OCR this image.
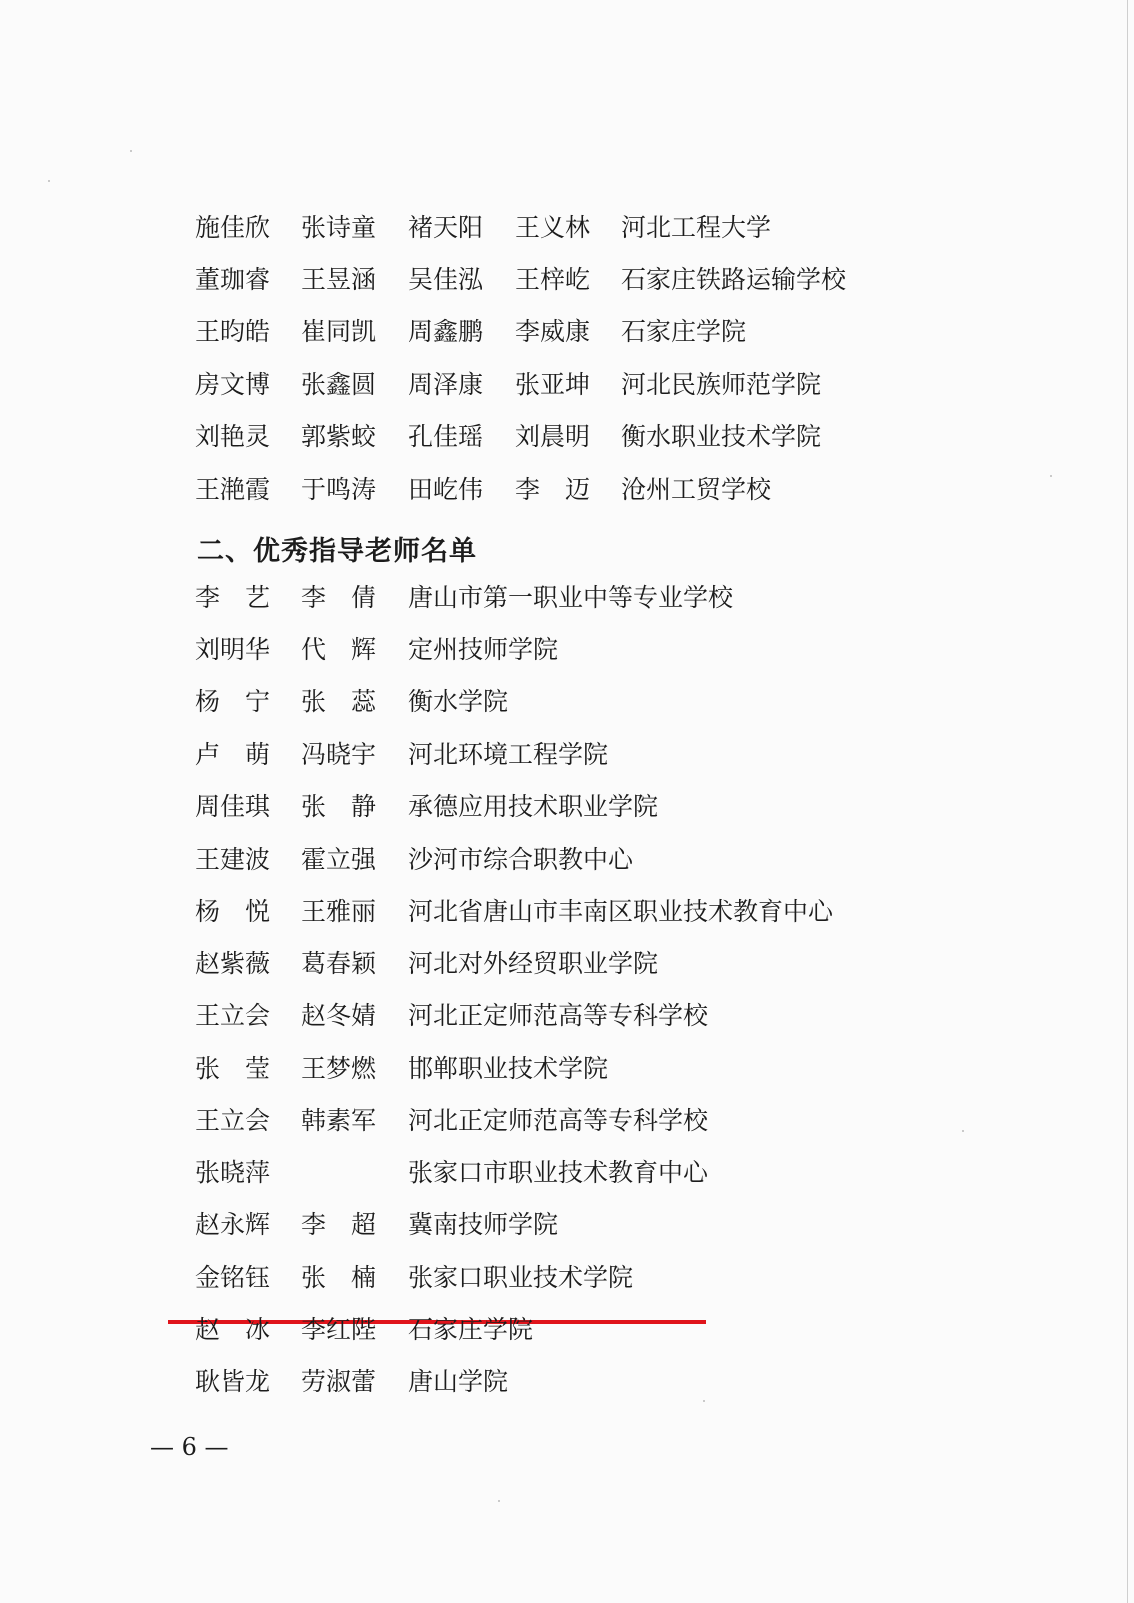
施佳欣 张诗童 褚天阳 王义林 河北工程大学
董珈睿 王昱涵 吴佳泓 王梓屹 石家庄铁路运输学校
王昀皓 崔同凯 周鑫鹏 李威康 石家庄学院
房文博 张鑫圆 周泽康 张亚坤 河北民族师范学院
刘艳灵 郭紫蛟 孔佳瑶 刘晨明 衡水职业技术学院
王滟霞 于鸣涛 田屹伟 李　迈 沧州工贸学校
二、优秀指导老师名单
李　艺 李　倩 唐山市第一职业中等专业学校
刘明华 代　辉 定州技师学院
杨　宁 张　蕊 衡水学院
卢　萌 冯晓宇 河北环境工程学院
周佳琪 张　静 承德应用技术职业学院
王建波 霍立强 沙河市综合职教中心
杨　悦 王雅丽 河北省唐山市丰南区职业技术教育中心
赵紫薇 葛春颖 河北对外经贸职业学院
王立会 赵冬婧 河北正定师范高等专科学校
张　莹 王梦燃 邯郸职业技术学院
王立会 韩素军 河北正定师范高等专科学校
张晓萍	张家口市职业技术教育中心
赵永辉 李　超 冀南技师学院
金铭钰 张　楠 张家口职业技术学院
赵　冰 李红陛 石家庄学院
耿皆龙 劳淑蕾 唐山学院
— 6 —
